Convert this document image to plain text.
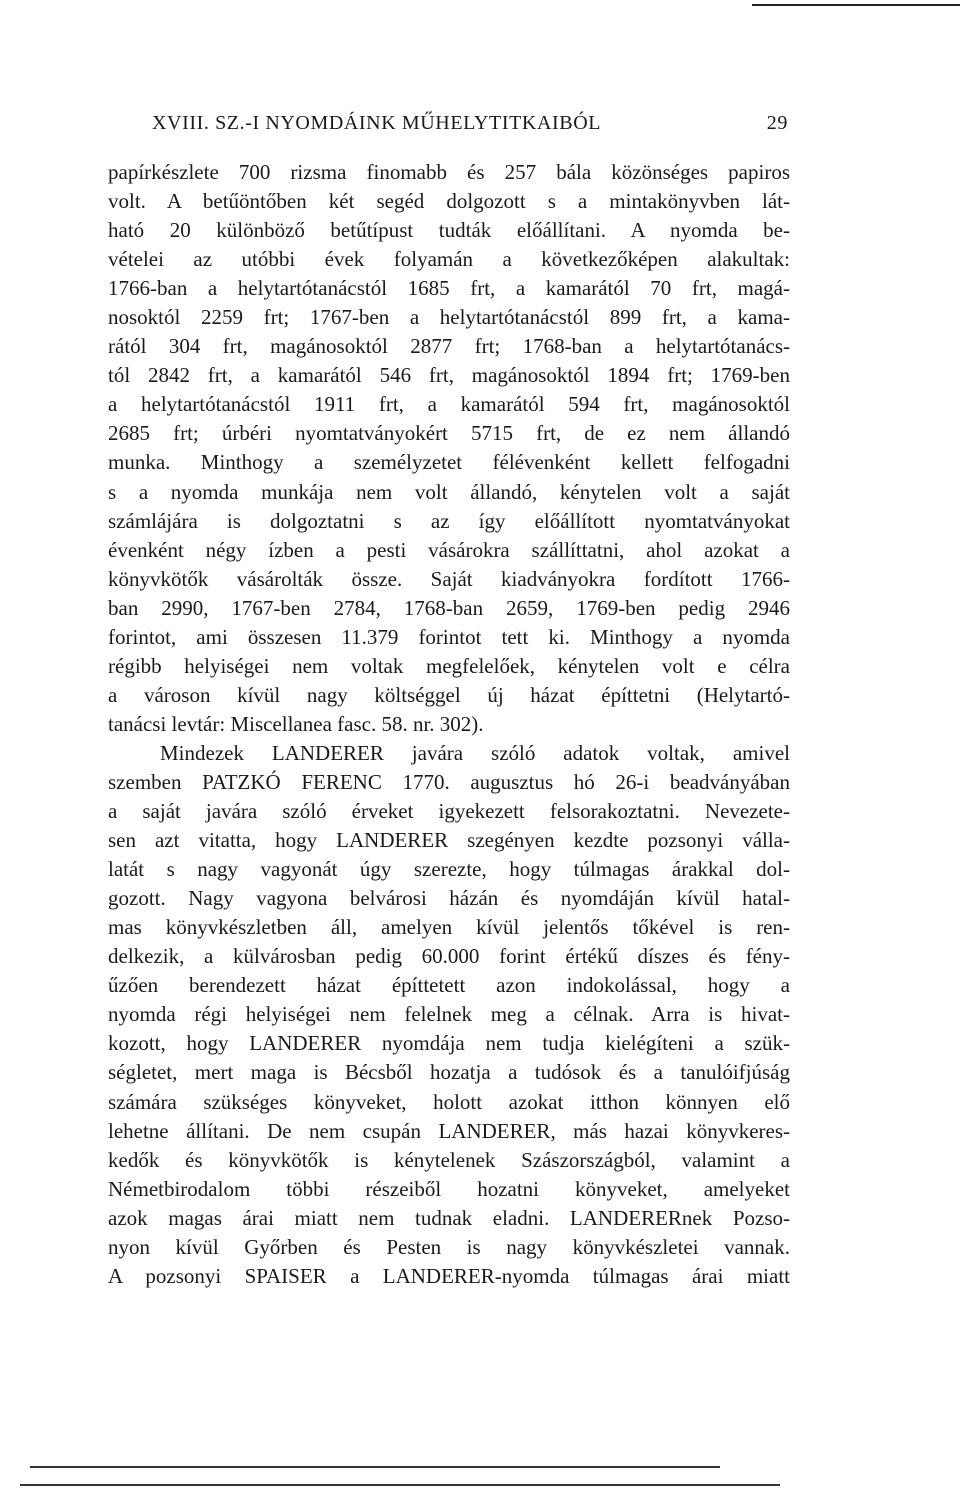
XVIII. SZ.-I NYOMDÁINK MŰHELYTITKAIBÓL	29
papírkészlete 700 rizsma finomabb és 257 bála közönséges papiros
volt. A betűöntőben két segéd dolgozott s a mintakönyvben lát-
ható 20 különböző betűtípust tudták előállítani. A nyomda be-
vételei az utóbbi évek folyamán a következőképen alakultak:
1766-ban a helytartótanácstól 1685 frt, a kamarától 70 frt, magá-
nosoktól 2259 frt; 1767-ben a helytartótanácstól 899 frt, a kama-
rától 304 frt, magánosoktól 2877 frt; 1768-ban a helytartótanács-
tól 2842 frt, a kamarától 546 frt, magánosoktól 1894 frt; 1769-ben
a helytartótanácstól 1911 frt, a kamarától 594 frt, magánosoktól
2685 frt; úrbéri nyomtatványokért 5715 frt, de ez nem állandó
munka. Minthogy a személyzetet félévenként kellett felfogadni
s a nyomda munkája nem volt állandó, kénytelen volt a saját
számlájára is dolgoztatni s az így előállított nyomtatványokat
évenként négy ízben a pesti vásárokra szállíttatni, ahol azokat a
könyvkötők vásárolták össze. Saját kiadványokra fordított 1766-
ban 2990, 1767-ben 2784, 1768-ban 2659, 1769-ben pedig 2946
forintot, ami összesen 11.379 forintot tett ki. Minthogy a nyomda
régibb helyiségei nem voltak megfelelőek, kénytelen volt e célra
a városon kívül nagy költséggel új házat építtetni (Helytartó-
tanácsi levtár: Miscellanea fasc. 58. nr. 302).
Mindezek LANDERER javára szóló adatok voltak, amivel
szemben PATZKÓ FERENC 1770. augusztus hó 26-i beadványában
a saját javára szóló érveket igyekezett felsorakoztatni. Nevezete-
sen azt vitatta, hogy LANDERER szegényen kezdte pozsonyi válla-
latát s nagy vagyonát úgy szerezte, hogy túlmagas árakkal dol-
gozott. Nagy vagyona belvárosi házán és nyomdáján kívül hatal-
mas könyvkészletben áll, amelyen kívül jelentős tőkével is ren-
delkezik, a külvárosban pedig 60.000 forint értékű díszes és fény-
űzően berendezett házat építtetett azon indokolással, hogy a
nyomda régi helyiségei nem felelnek meg a célnak. Arra is hivat-
kozott, hogy LANDERER nyomdája nem tudja kielégíteni a szük-
ségletet, mert maga is Bécsből hozatja a tudósok és a tanulóifjúság
számára szükséges könyveket, holott azokat itthon könnyen elő
lehetne állítani. De nem csupán LANDERER, más hazai könyvkeres-
kedők és könyvkötők is kénytelenek Szászországból, valamint a
Németbirodalom többi részeiből hozatni könyveket, amelyeket
azok magas árai miatt nem tudnak eladni. LANDERERnek Pozso-
nyon kívül Győrben és Pesten is nagy könyvkészletei vannak.
A pozsonyi SPAISER a LANDERER-nyomda túlmagas árai miatt
